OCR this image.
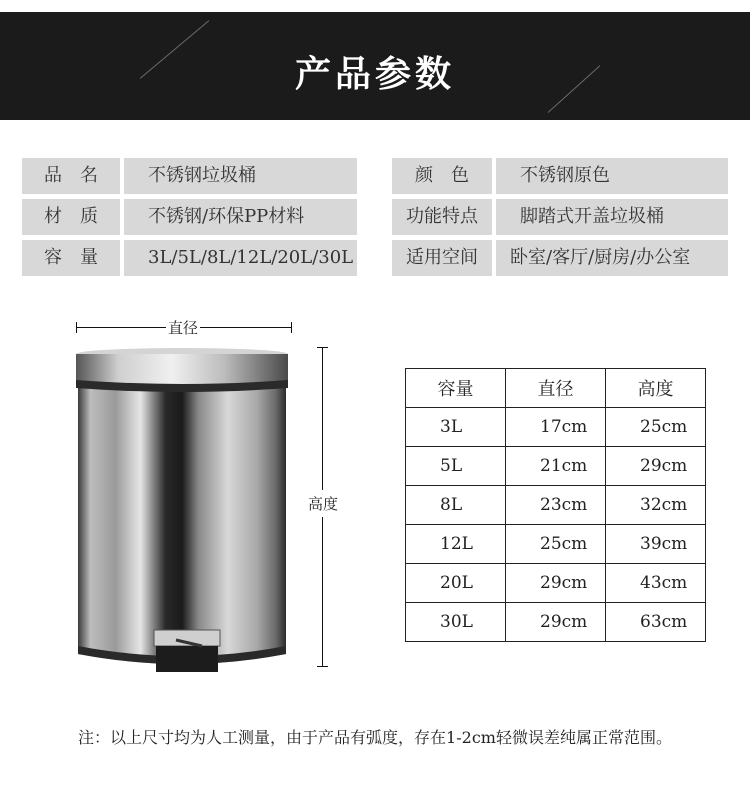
产品参数
品　名	不锈钢垃圾桶	颜　色	不锈钢原色
材　质	不锈钢/环保PP材料	功能特点	脚踏式开盖垃圾桶
容　量	3L/5L/8L/12L/20L/30L	适用空间	卧室/客厅/厨房/办公室
直径
高度
容量	直径	高度
3L	17cm	25cm
5L	21cm	29cm
8L	23cm	32cm
12L	25cm	39cm
20L	29cm	43cm
30L	29cm	63cm
注：以上尺寸均为人工测量，由于产品有弧度，存在1-2cm轻微误差纯属正常范围。
